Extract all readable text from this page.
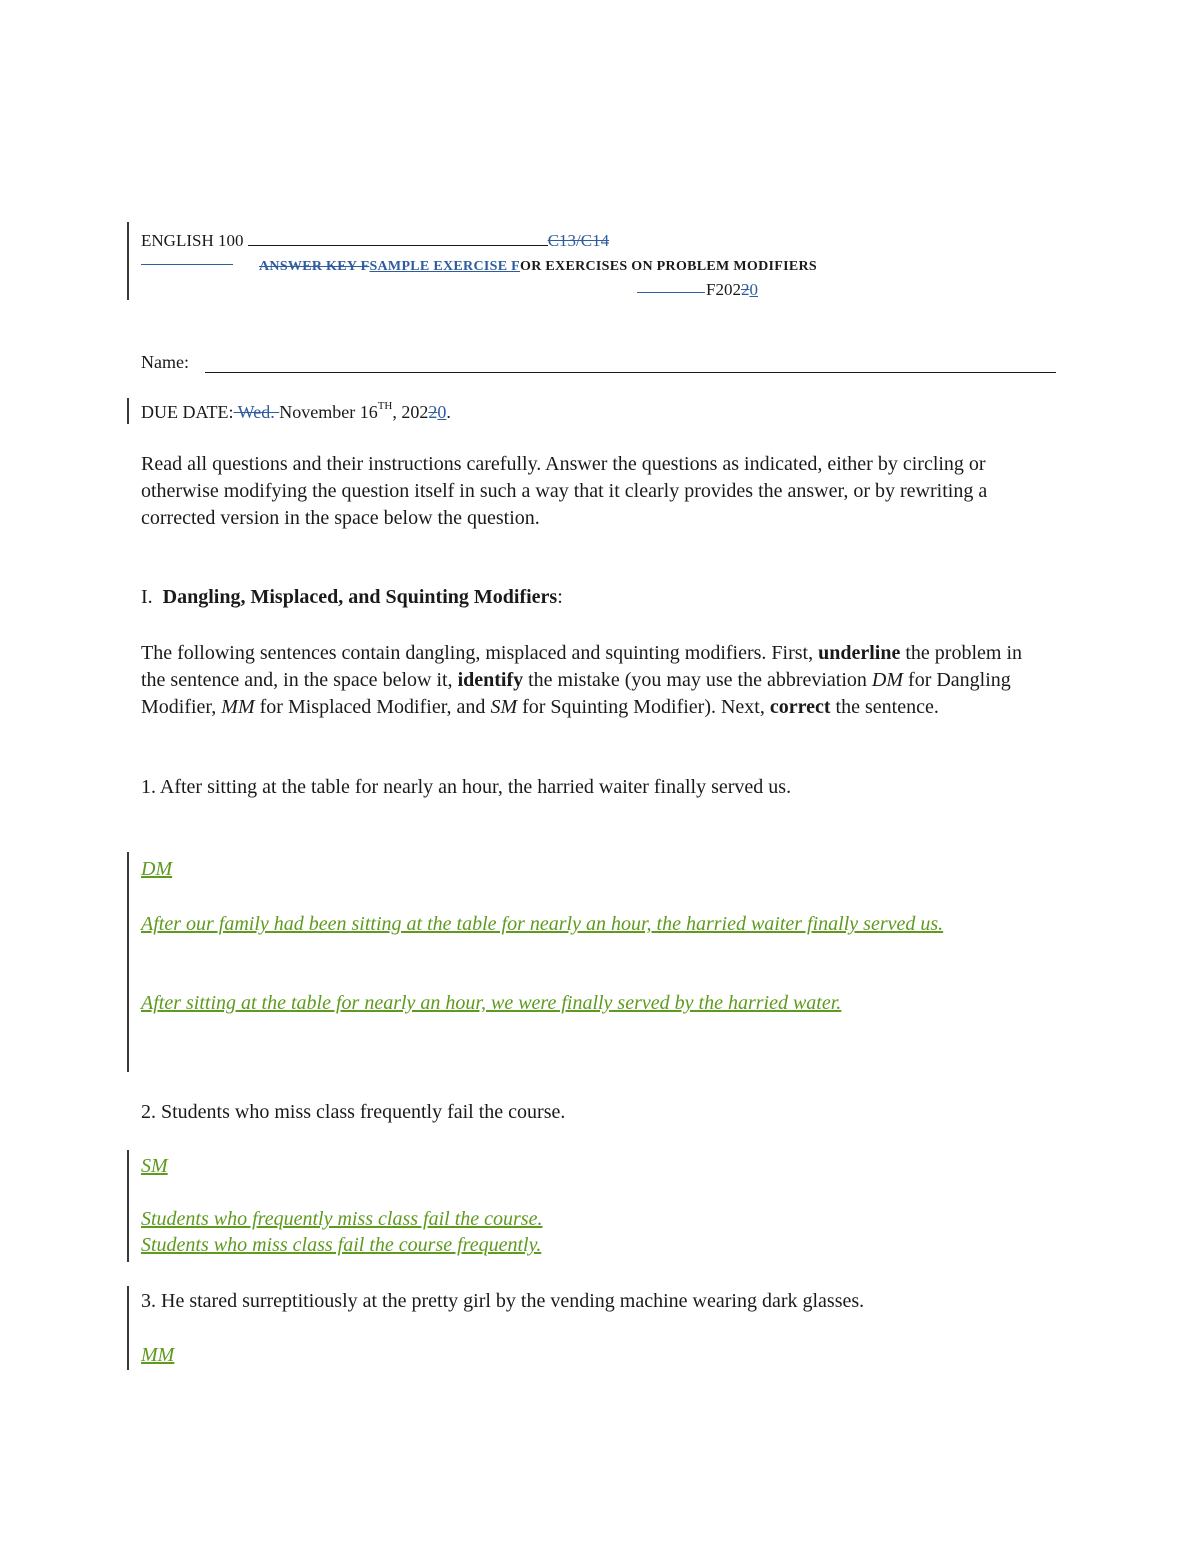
ENGLISH 100	C13/C14
ANSWER KEY FSAMPLE EXERCISE FOR EXERCISES ON PROBLEM MODIFIERS
F20220
Name:
DUE DATE: Wed. November 16TH, 20220.
Read all questions and their instructions carefully. Answer the questions as indicated, either by circling or otherwise modifying the question itself in such a way that it clearly provides the answer, or by rewriting a corrected version in the space below the question.
I. Dangling, Misplaced, and Squinting Modifiers:
The following sentences contain dangling, misplaced and squinting modifiers. First, underline the problem in the sentence and, in the space below it, identify the mistake (you may use the abbreviation DM for Dangling Modifier, MM for Misplaced Modifier, and SM for Squinting Modifier). Next, correct the sentence.
1. After sitting at the table for nearly an hour, the harried waiter finally served us.
DM
After our family had been sitting at the table for nearly an hour, the harried waiter finally served us.
After sitting at the table for nearly an hour, we were finally served by the harried water.
2. Students who miss class frequently fail the course.
SM
Students who frequently miss class fail the course.
Students who miss class fail the course frequently.
3. He stared surreptitiously at the pretty girl by the vending machine wearing dark glasses.
MM
